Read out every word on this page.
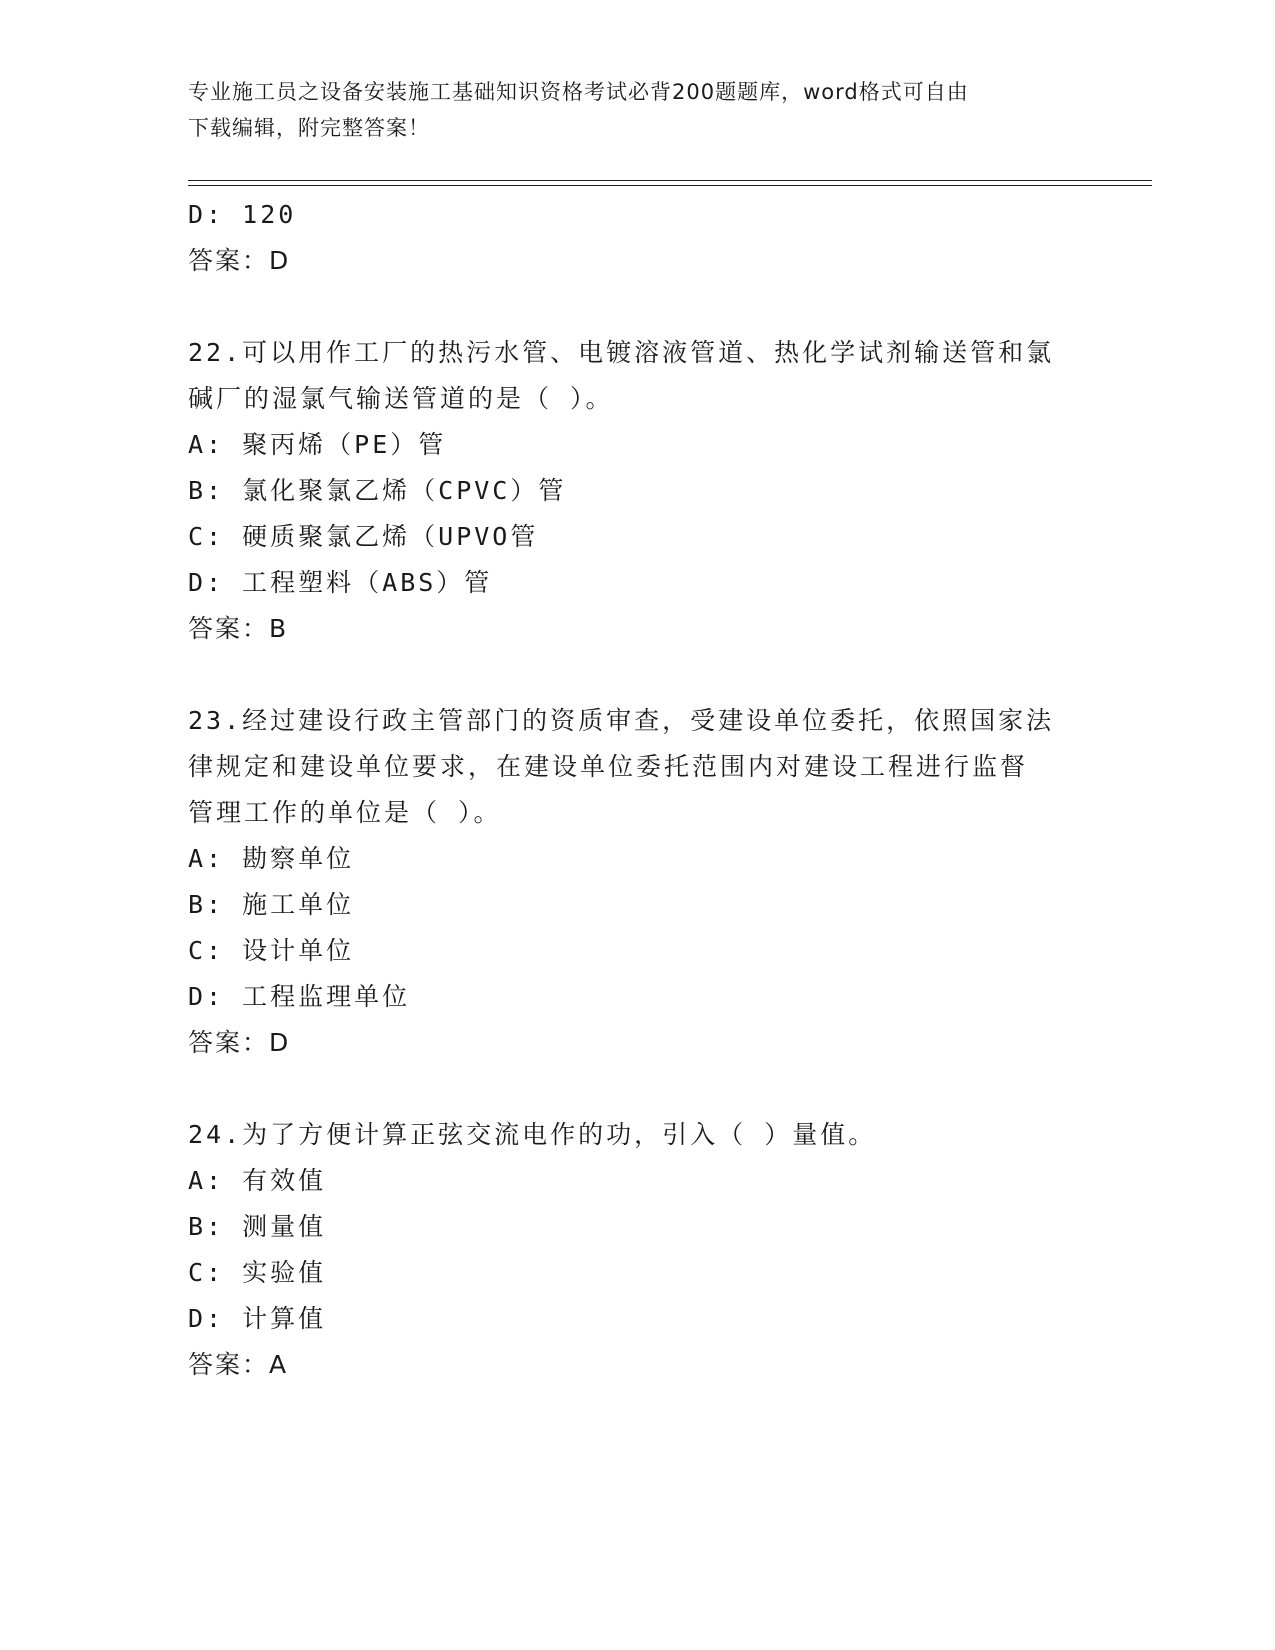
专业施工员之设备安装施工基础知识资格考试必背200题题库，word格式可自由
下载编辑，附完整答案！
D: 120
答案：D
22.可以用作工厂的热污水管、电镀溶液管道、热化学试剂输送管和氯
碱厂的湿氯气输送管道的是（ ）。
A: 聚丙烯（PE）管
B: 氯化聚氯乙烯（CPVC）管
C: 硬质聚氯乙烯（UPVO管
D: 工程塑料（ABS）管
答案：B
23.经过建设行政主管部门的资质审查，受建设单位委托，依照国家法
律规定和建设单位要求，在建设单位委托范围内对建设工程进行监督
管理工作的单位是（ ）。
A: 勘察单位
B: 施工单位
C: 设计单位
D: 工程监理单位
答案：D
24.为了方便计算正弦交流电作的功，引入（ ）量值。
A: 有效值
B: 测量值
C: 实验值
D: 计算值
答案：A
